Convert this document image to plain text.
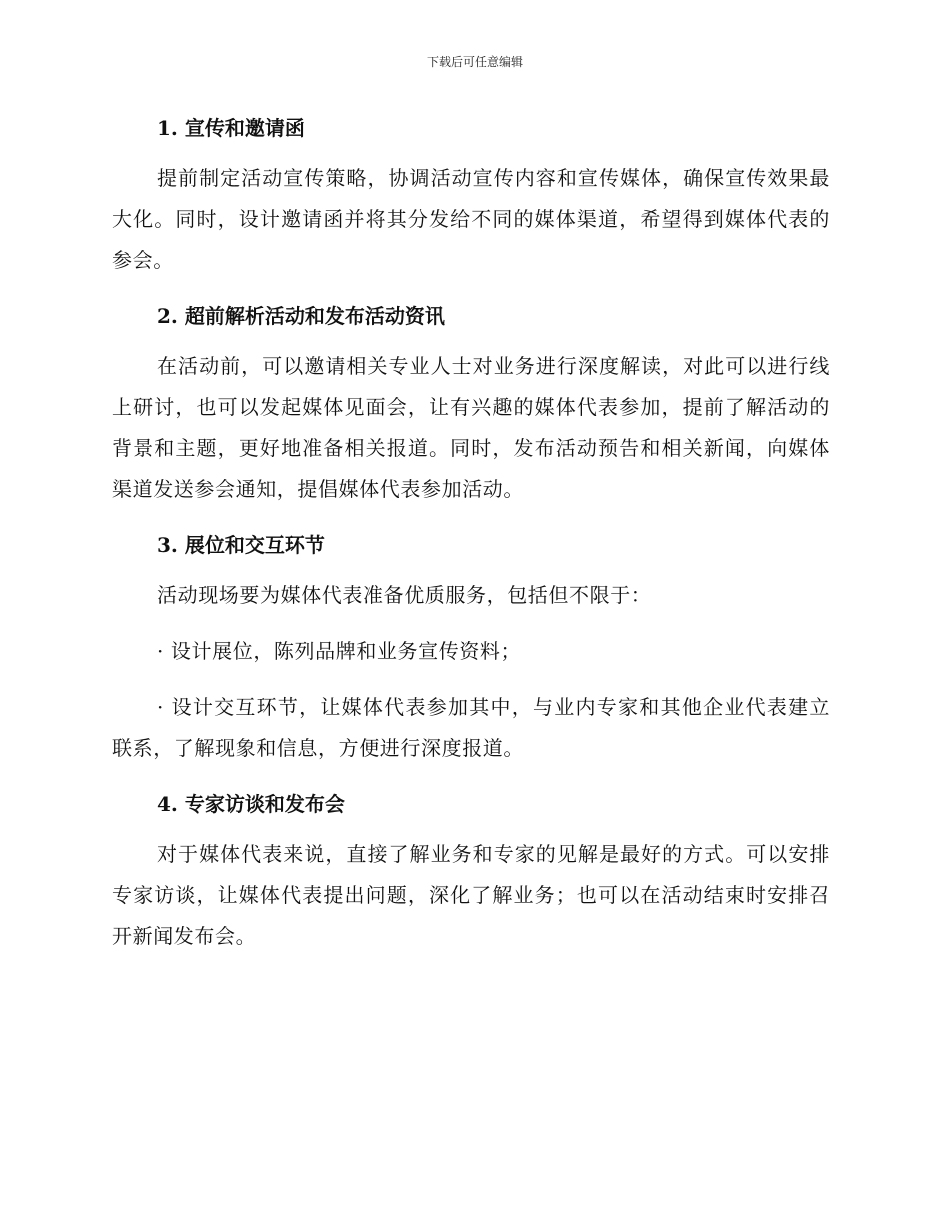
下载后可任意编辑
1. 宣传和邀请函

提前制定活动宣传策略，协调活动宣传内容和宣传媒体，确保宣传效果最大化。同时，设计邀请函并将其分发给不同的媒体渠道，希望得到媒体代表的参会。

2. 超前解析活动和发布活动资讯

在活动前，可以邀请相关专业人士对业务进行深度解读，对此可以进行线上研讨，也可以发起媒体见面会，让有兴趣的媒体代表参加，提前了解活动的背景和主题，更好地准备相关报道。同时，发布活动预告和相关新闻，向媒体渠道发送参会通知，提倡媒体代表参加活动。

3. 展位和交互环节

活动现场要为媒体代表准备优质服务，包括但不限于：

· 设计展位，陈列品牌和业务宣传资料；

· 设计交互环节，让媒体代表参加其中，与业内专家和其他企业代表建立联系，了解现象和信息，方便进行深度报道。

4. 专家访谈和发布会

对于媒体代表来说，直接了解业务和专家的见解是最好的方式。可以安排专家访谈，让媒体代表提出问题，深化了解业务；也可以在活动结束时安排召开新闻发布会。
